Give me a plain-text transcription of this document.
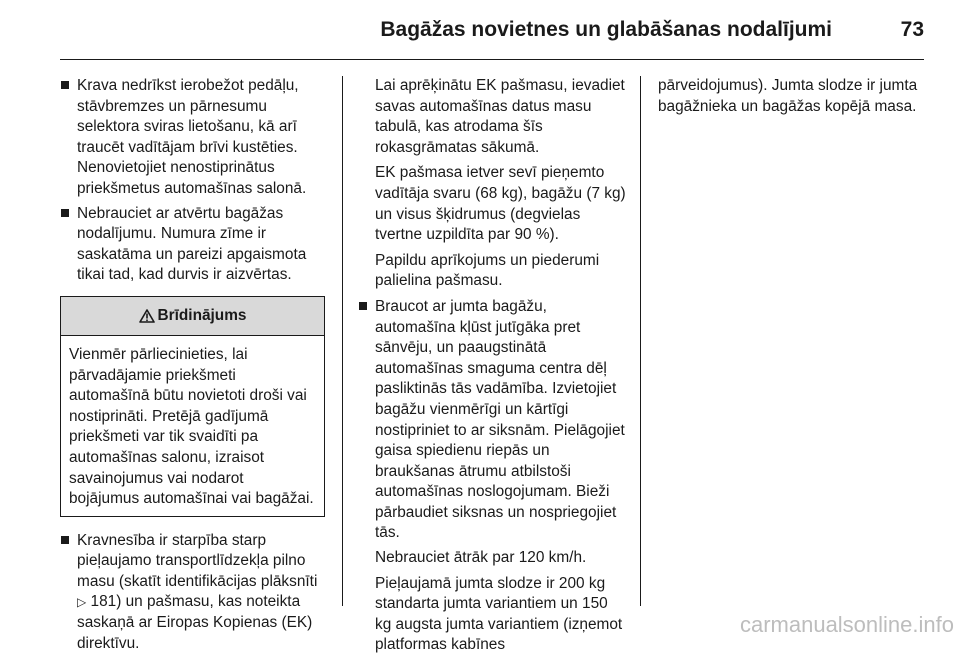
Bagāžas novietnes un glabāšanas nodalījumi	73
Krava nedrīkst ierobežot pedāļu, stāvbremzes un pārnesumu selektora sviras lietošanu, kā arī traucēt vadītājam brīvi kustēties. Nenovietojiet nenostiprinātus priekšmetus automašīnas salonā.
Nebrauciet ar atvērtu bagāžas nodalījumu. Numura zīme ir saskatāma un pareizi apgaismota tikai tad, kad durvis ir aizvērtas.
Brīdinājums
Vienmēr pārliecinieties, lai pārvadājamie priekšmeti automašīnā būtu novietoti droši vai nostiprināti. Pretējā gadījumā priekšmeti var tik svaidīti pa automašīnas salonu, izraisot savainojumus vai nodarot bojājumus automašīnai vai bagāžai.
Kravnesība ir starpība starp pieļaujamo transportlīdzekļa pilno masu (skatīt identifikācijas plāksnīti ▷ 181) un pašmasu, kas noteikta saskaņā ar Eiropas Kopienas (EK) direktīvu.

Lai aprēķinātu EK pašmasu, ievadiet savas automašīnas datus masu tabulā, kas atrodama šīs rokasgrāmatas sākumā.

EK pašmasa ietver sevī pieņemto vadītāja svaru (68 kg), bagāžu (7 kg) un visus šķidrumus (degvielas tvertne uzpildīta par 90 %).

Papildu aprīkojums un piederumi palielina pašmasu.

Braucot ar jumta bagāžu, automašīna kļūst jutīgāka pret sānvēju, un paaugstinātā automašīnas smaguma centra dēļ pasliktinās tās vadāmība. Izvietojiet bagāžu vienmērīgi un kārtīgi nostipriniet to ar siksnām. Pielāgojiet gaisa spiedienu riepās un braukšanas ātrumu atbilstoši automašīnas noslogojumam. Bieži pārbaudiet siksnas un nospriegojiet tās.

Nebrauciet ātrāk par 120 km/h.

Pieļaujamā jumta slodze ir 200 kg standarta jumta variantiem un 150 kg augsta jumta variantiem (izņemot platformas kabīnes

pārveidojumus). Jumta slodze ir jumta bagāžnieka un bagāžas kopējā masa.

carmanualsonline.info
